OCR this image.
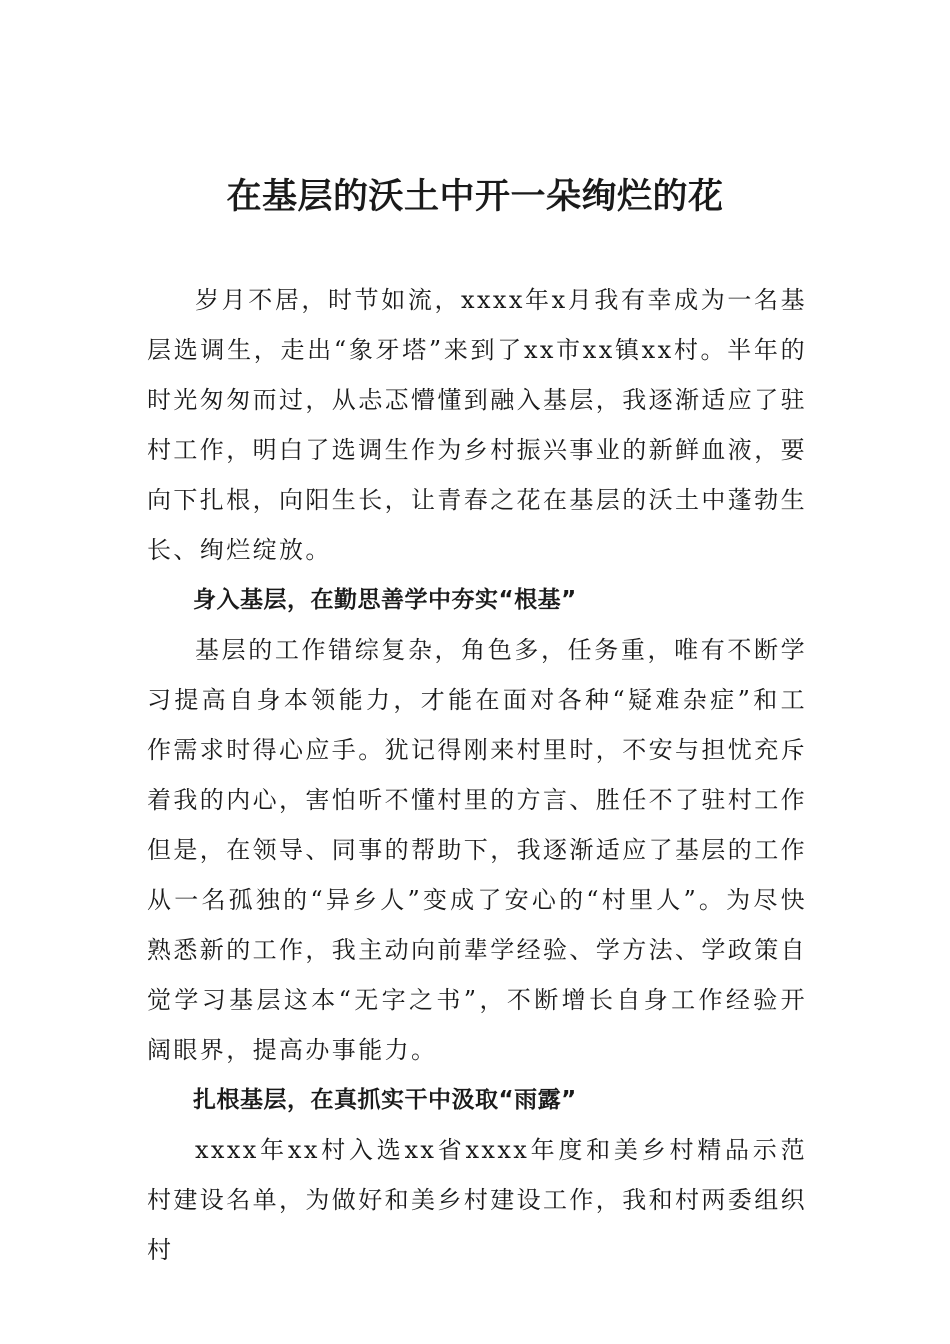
在基层的沃土中开一朵绚烂的花

岁月不居，时节如流，xxxx年x月我有幸成为一名基层选调生，走出“象牙塔”来到了xx市xx镇xx村。半年的时光匆匆而过，从忐忑懵懂到融入基层，我逐渐适应了驻村工作，明白了选调生作为乡村振兴事业的新鲜血液，要向下扎根，向阳生长，让青春之花在基层的沃土中蓬勃生长、绚烂绽放。

身入基层，在勤思善学中夯实“根基”

基层的工作错综复杂，角色多，任务重，唯有不断学习提高自身本领能力，才能在面对各种“疑难杂症”和工作需求时得心应手。犹记得刚来村里时，不安与担忧充斥着我的内心，害怕听不懂村里的方言、胜任不了驻村工作但是，在领导、同事的帮助下，我逐渐适应了基层的工作从一名孤独的“异乡人”变成了安心的“村里人”。为尽快熟悉新的工作，我主动向前辈学经验、学方法、学政策自觉学习基层这本“无字之书”，不断增长自身工作经验开阔眼界，提高办事能力。

扎根基层，在真抓实干中汲取“雨露”

xxxx年xx村入选xx省xxxx年度和美乡村精品示范村建设名单，为做好和美乡村建设工作，我和村两委组织村
